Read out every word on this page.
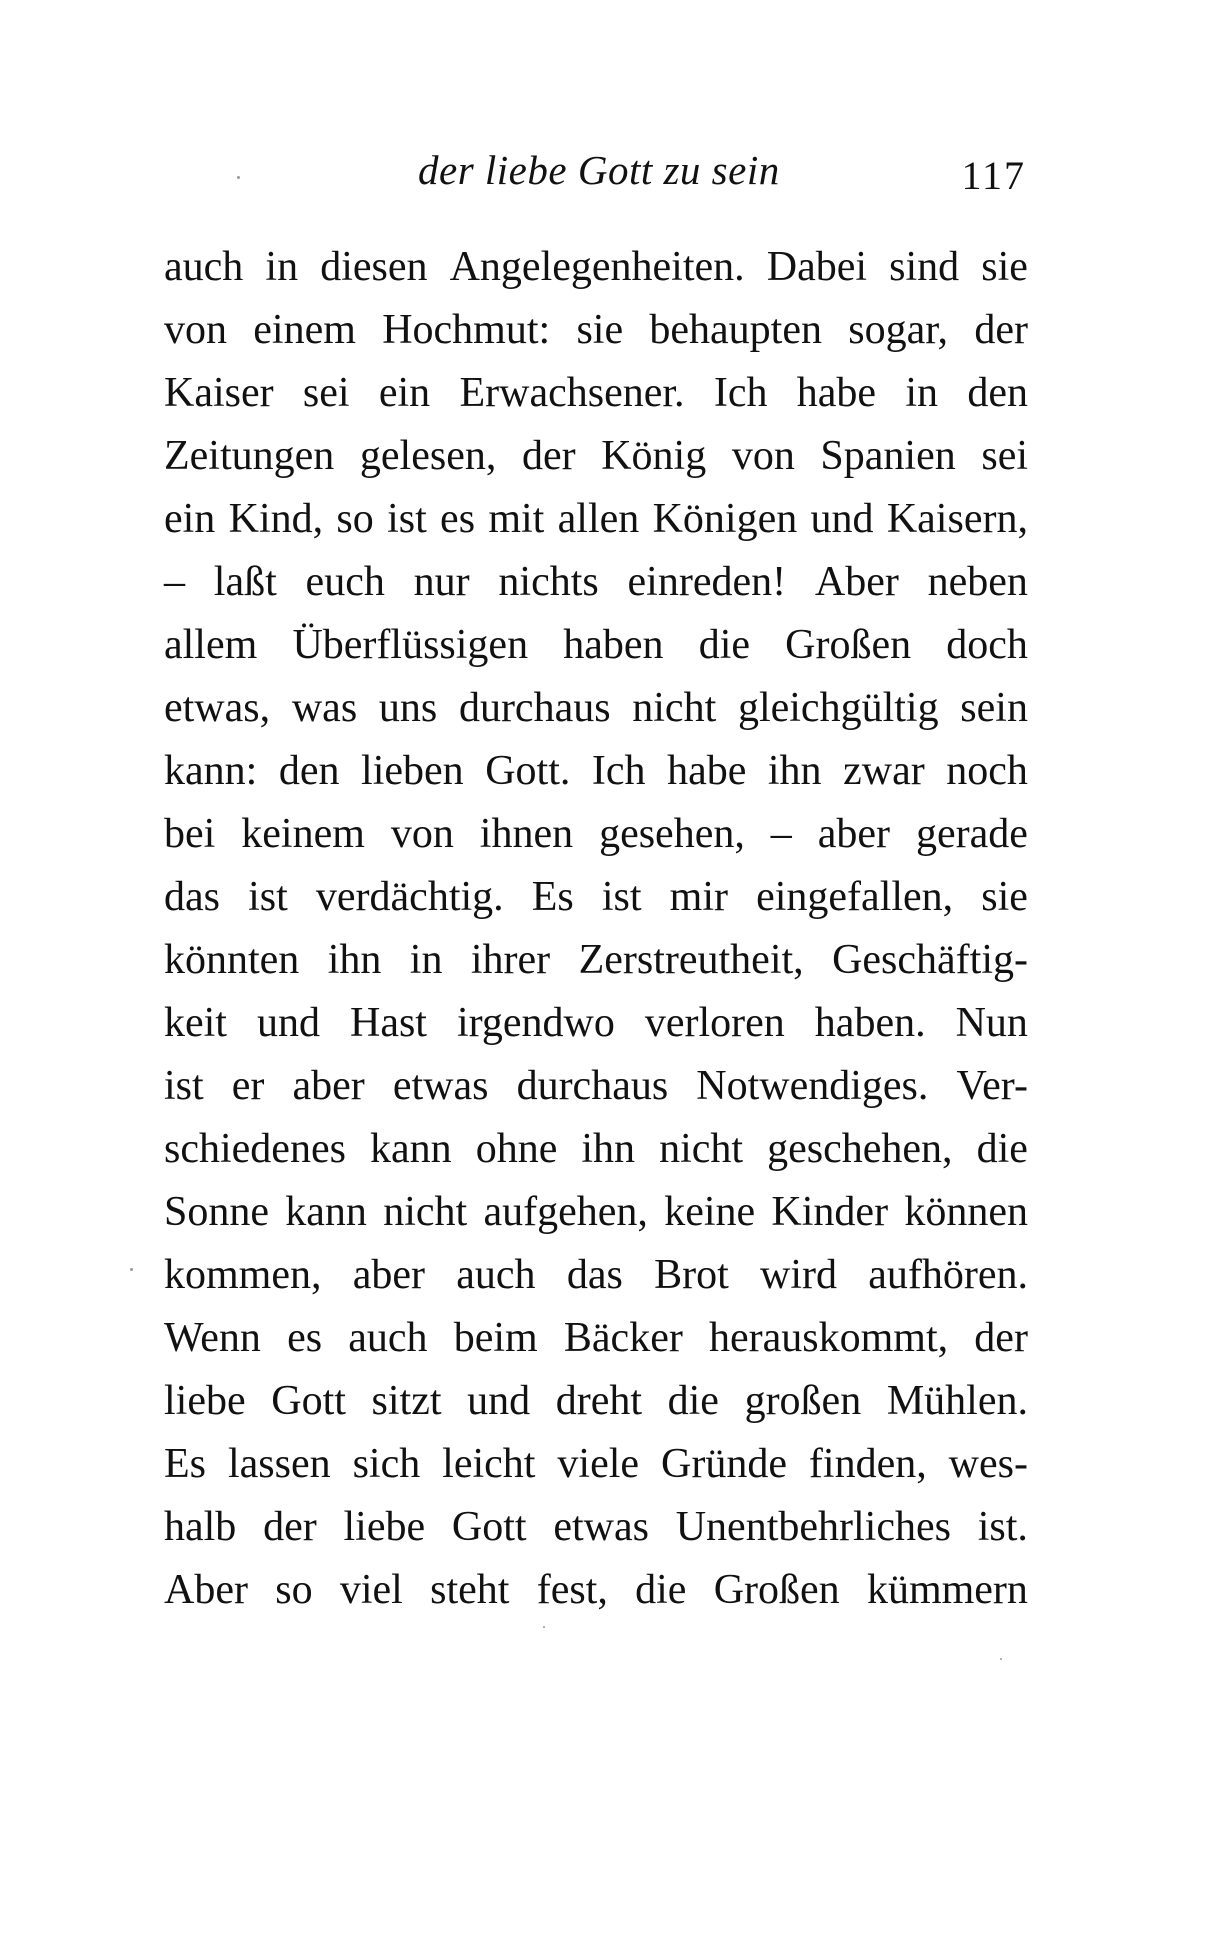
der liebe Gott zu sein	117
auch in diesen Angelegenheiten. Dabei sind sie
von einem Hochmut: sie behaupten sogar, der
Kaiser sei ein Erwachsener. Ich habe in den
Zeitungen gelesen, der König von Spanien sei
ein Kind, so ist es mit allen Königen und Kaisern,
– laßt euch nur nichts einreden! Aber neben
allem Überflüssigen haben die Großen doch
etwas, was uns durchaus nicht gleichgültig sein
kann: den lieben Gott. Ich habe ihn zwar noch
bei keinem von ihnen gesehen, – aber gerade
das ist verdächtig. Es ist mir eingefallen, sie
könnten ihn in ihrer Zerstreutheit, Geschäftig-
keit und Hast irgendwo verloren haben. Nun
ist er aber etwas durchaus Notwendiges. Ver-
schiedenes kann ohne ihn nicht geschehen, die
Sonne kann nicht aufgehen, keine Kinder können
kommen, aber auch das Brot wird aufhören.
Wenn es auch beim Bäcker herauskommt, der
liebe Gott sitzt und dreht die großen Mühlen.
Es lassen sich leicht viele Gründe finden, wes-
halb der liebe Gott etwas Unentbehrliches ist.
Aber so viel steht fest, die Großen kümmern
